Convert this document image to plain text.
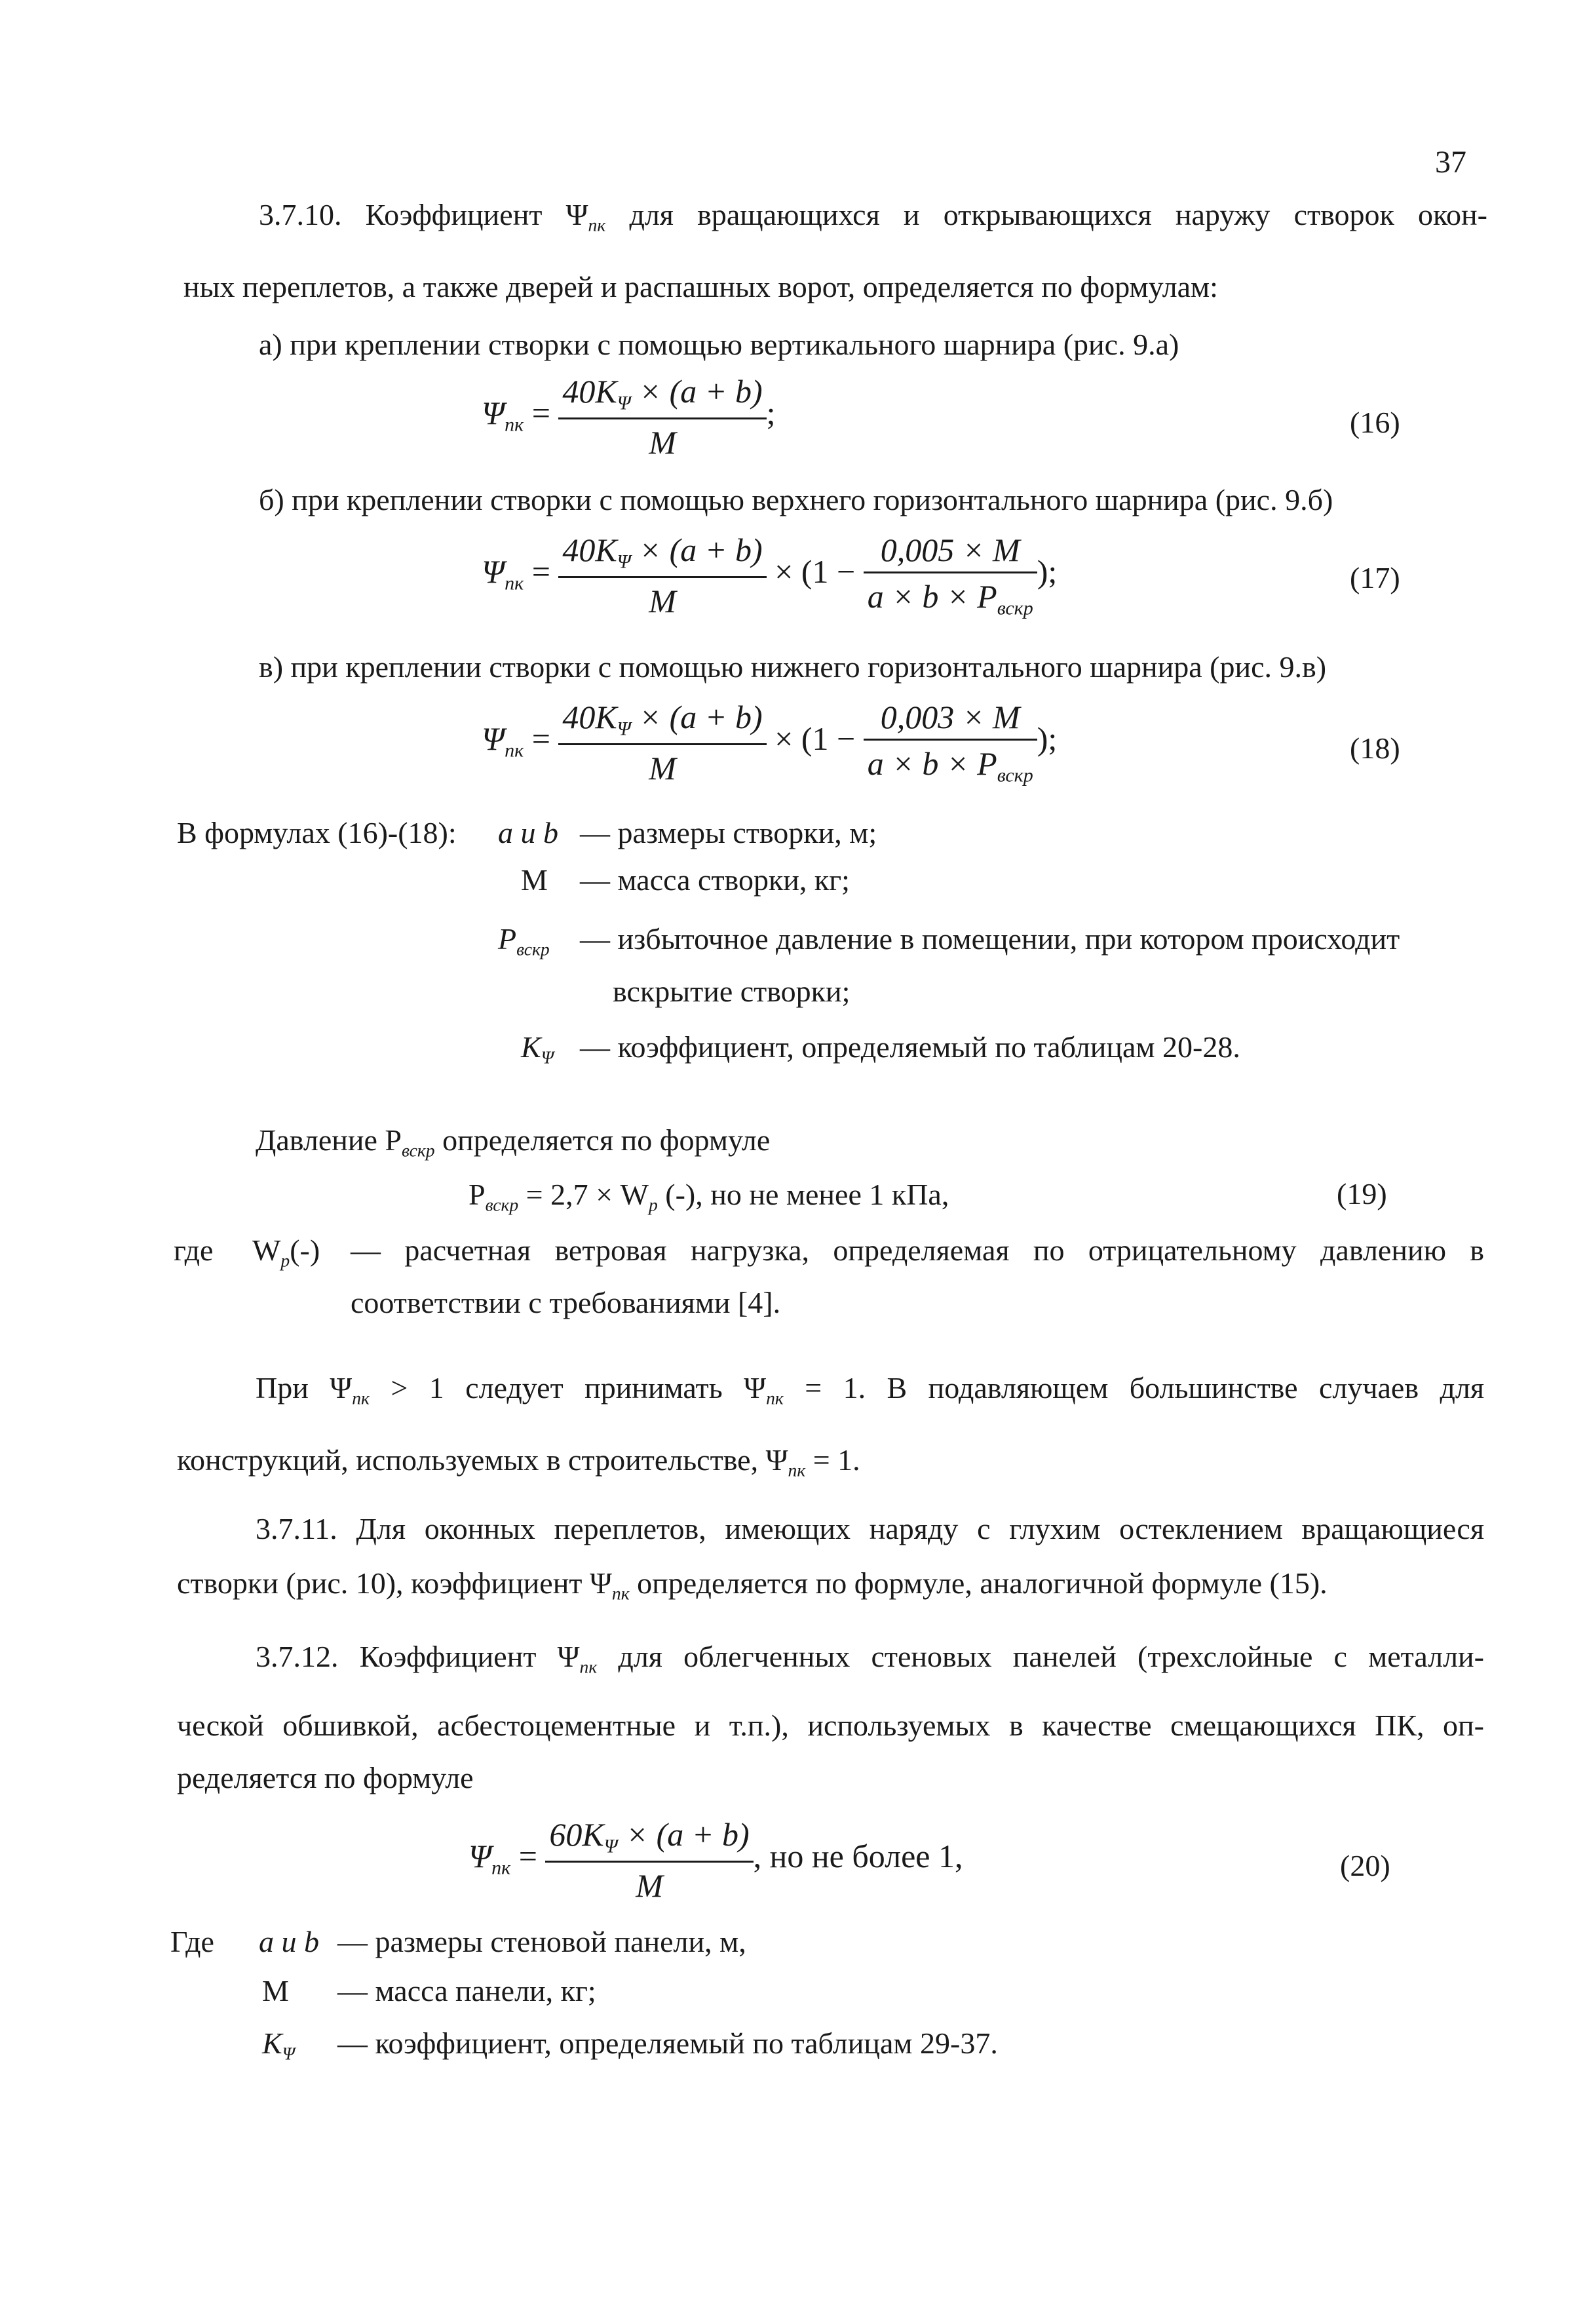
37
3.7.10. Коэффициент $\Psi_{пк}$ для вращающихся и открывающихся наружу створок окон-
ных переплетов, а также дверей и распашных ворот, определяется по формулам:
а) при креплении створки с помощью вертикального шарнира (рис. 9.а)
$\Psi_{пк} = \frac{40K_\Psi \times (a + b)}{M}$ ;	(16)
б) при креплении створки с помощью верхнего горизонтального шарнира (рис. 9.б)
$\Psi_{пк} = \frac{40K_\Psi \times (a + b)}{M} \times (1 - \frac{0,005 \times M}{a \times b \times P_{вскр}}$ );	(17)
в) при креплении створки с помощью нижнего горизонтального шарнира (рис. 9.в)
$\Psi_{пк} = \frac{40K_\Psi \times (a + b)}{M} \times (1 - \frac{0,003 \times M}{a \times b \times P_{вскр}}$ );	(18)
В формулах (16)-(18): a и b — размеры створки, м;
M — масса створки, кг;
$P_{вскр}$ — избыточное давление в помещении, при котором происходит
вскрытие створки;
$K_\Psi$ — коэффициент, определяемый по таблицам 20-28.
Давление $Р_{вскр}$ определяется по формуле
$Р_{вскр} = 2,7 \times W_р$ (-), но не менее 1 кПа,	(19)
где $W_р(-)$ — расчетная ветровая нагрузка, определяемая по отрицательному давлению в
соответствии с требованиями [4].
При $\Psi_{пк} > 1$ следует принимать $\Psi_{пк} = 1$. В подавляющем большинстве случаев для
конструкций, используемых в строительстве, $\Psi_{пк} = 1$.
3.7.11. Для оконных переплетов, имеющих наряду с глухим остеклением вращающиеся
створки (рис. 10), коэффициент $\Psi_{пк}$ определяется по формуле, аналогичной формуле (15).
3.7.12. Коэффициент $\Psi_{пк}$ для облегченных стеновых панелей (трехслойные с металли-
ческой обшивкой, асбестоцементные и т.п.), используемых в качестве смещающихся ПК, оп-
ределяется по формуле
$\Psi_{пк} = \frac{60K_\Psi \times (a + b)}{M}$ , но не более 1,	(20)
Где a и b — размеры стеновой панели, м,
M — масса панели, кг;
$K_\Psi$ — коэффициент, определяемый по таблицам 29-37.
